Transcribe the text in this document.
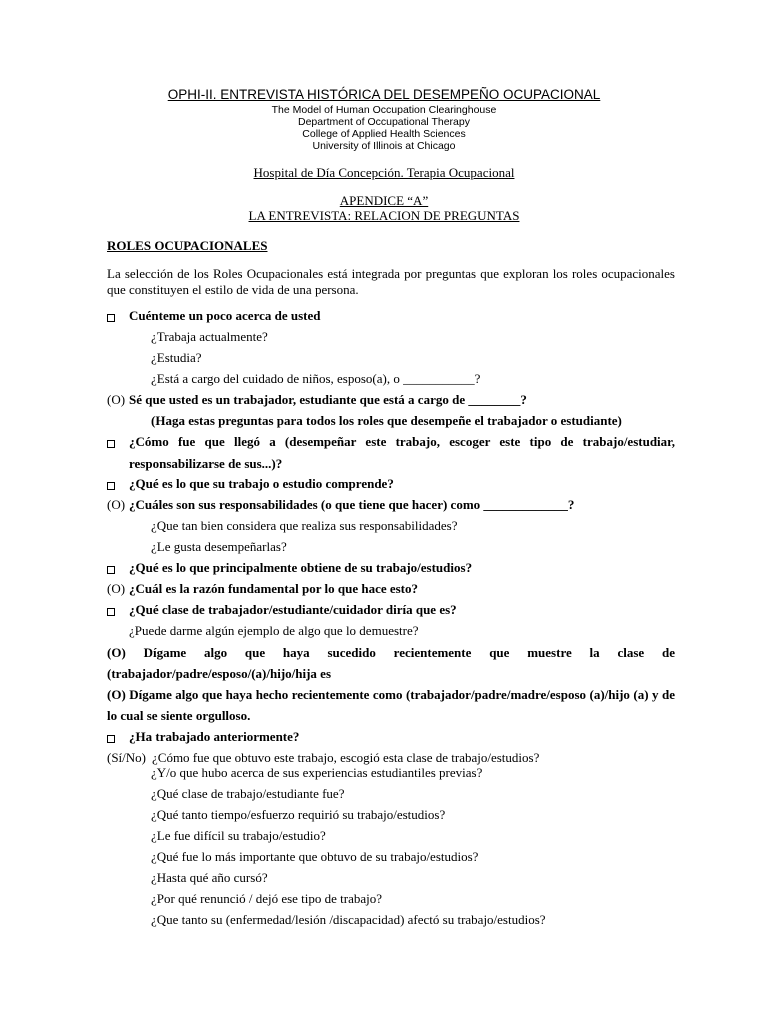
OPHI-II. ENTREVISTA HISTÓRICA DEL DESEMPEÑO OCUPACIONAL
The Model of Human Occupation Clearinghouse
Department of Occupational Therapy
College of Applied Health Sciences
University of Illinois at Chicago
Hospital de Día Concepción. Terapia Ocupacional
APENDICE “A”
LA ENTREVISTA: RELACION DE PREGUNTAS
ROLES OCUPACIONALES
La selección de los Roles Ocupacionales está integrada por preguntas que exploran los roles ocupacionales
que constituyen el estilo de vida de una persona.
Cuénteme un poco acerca de usted
¿Trabaja actualmente?
¿Estudia?
¿Está a cargo del cuidado de niños, esposo(a), o ___________?
(O) Sé que usted es un trabajador, estudiante que está a cargo de ________?
(Haga estas preguntas para todos los roles que desempeñe el trabajador o estudiante)
¿Cómo fue que llegó a (desempeñar este trabajo, escoger este tipo de trabajo/estudiar,
responsabilizarse de sus...)?
¿Qué es lo que su trabajo o estudio comprende?
(O) ¿Cuáles son sus responsabilidades (o que tiene que hacer) como _____________?
¿Que tan bien considera que realiza sus responsabilidades?
¿Le gusta desempeñarlas?
¿Qué es lo que principalmente obtiene de su trabajo/estudios?
(O) ¿Cuál es la razón fundamental por lo que hace esto?
¿Qué clase de trabajador/estudiante/cuidador diría que es?
¿Puede darme algún ejemplo de algo que lo demuestre?
(O) Dígame algo que haya sucedido recientemente que muestre la clase de
(trabajador/padre/esposo/(a)/hijo/hija es
(O) Dígame algo que haya hecho recientemente como (trabajador/padre/madre/esposo (a)/hijo (a) y de
lo cual se siente orgulloso.
¿Ha trabajado anteriormente?
(Sí/No) ¿Cómo fue que obtuvo este trabajo, escogió esta clase de trabajo/estudios?
¿Y/o que hubo acerca de sus experiencias estudiantiles previas?
¿Qué clase de trabajo/estudiante fue?
¿Qué tanto tiempo/esfuerzo requirió su trabajo/estudios?
¿Le fue difícil su trabajo/estudio?
¿Qué fue lo más importante que obtuvo de su trabajo/estudios?
¿Hasta qué año cursó?
¿Por qué renunció / dejó ese tipo de trabajo?
¿Que tanto su (enfermedad/lesión /discapacidad) afectó su trabajo/estudios?
